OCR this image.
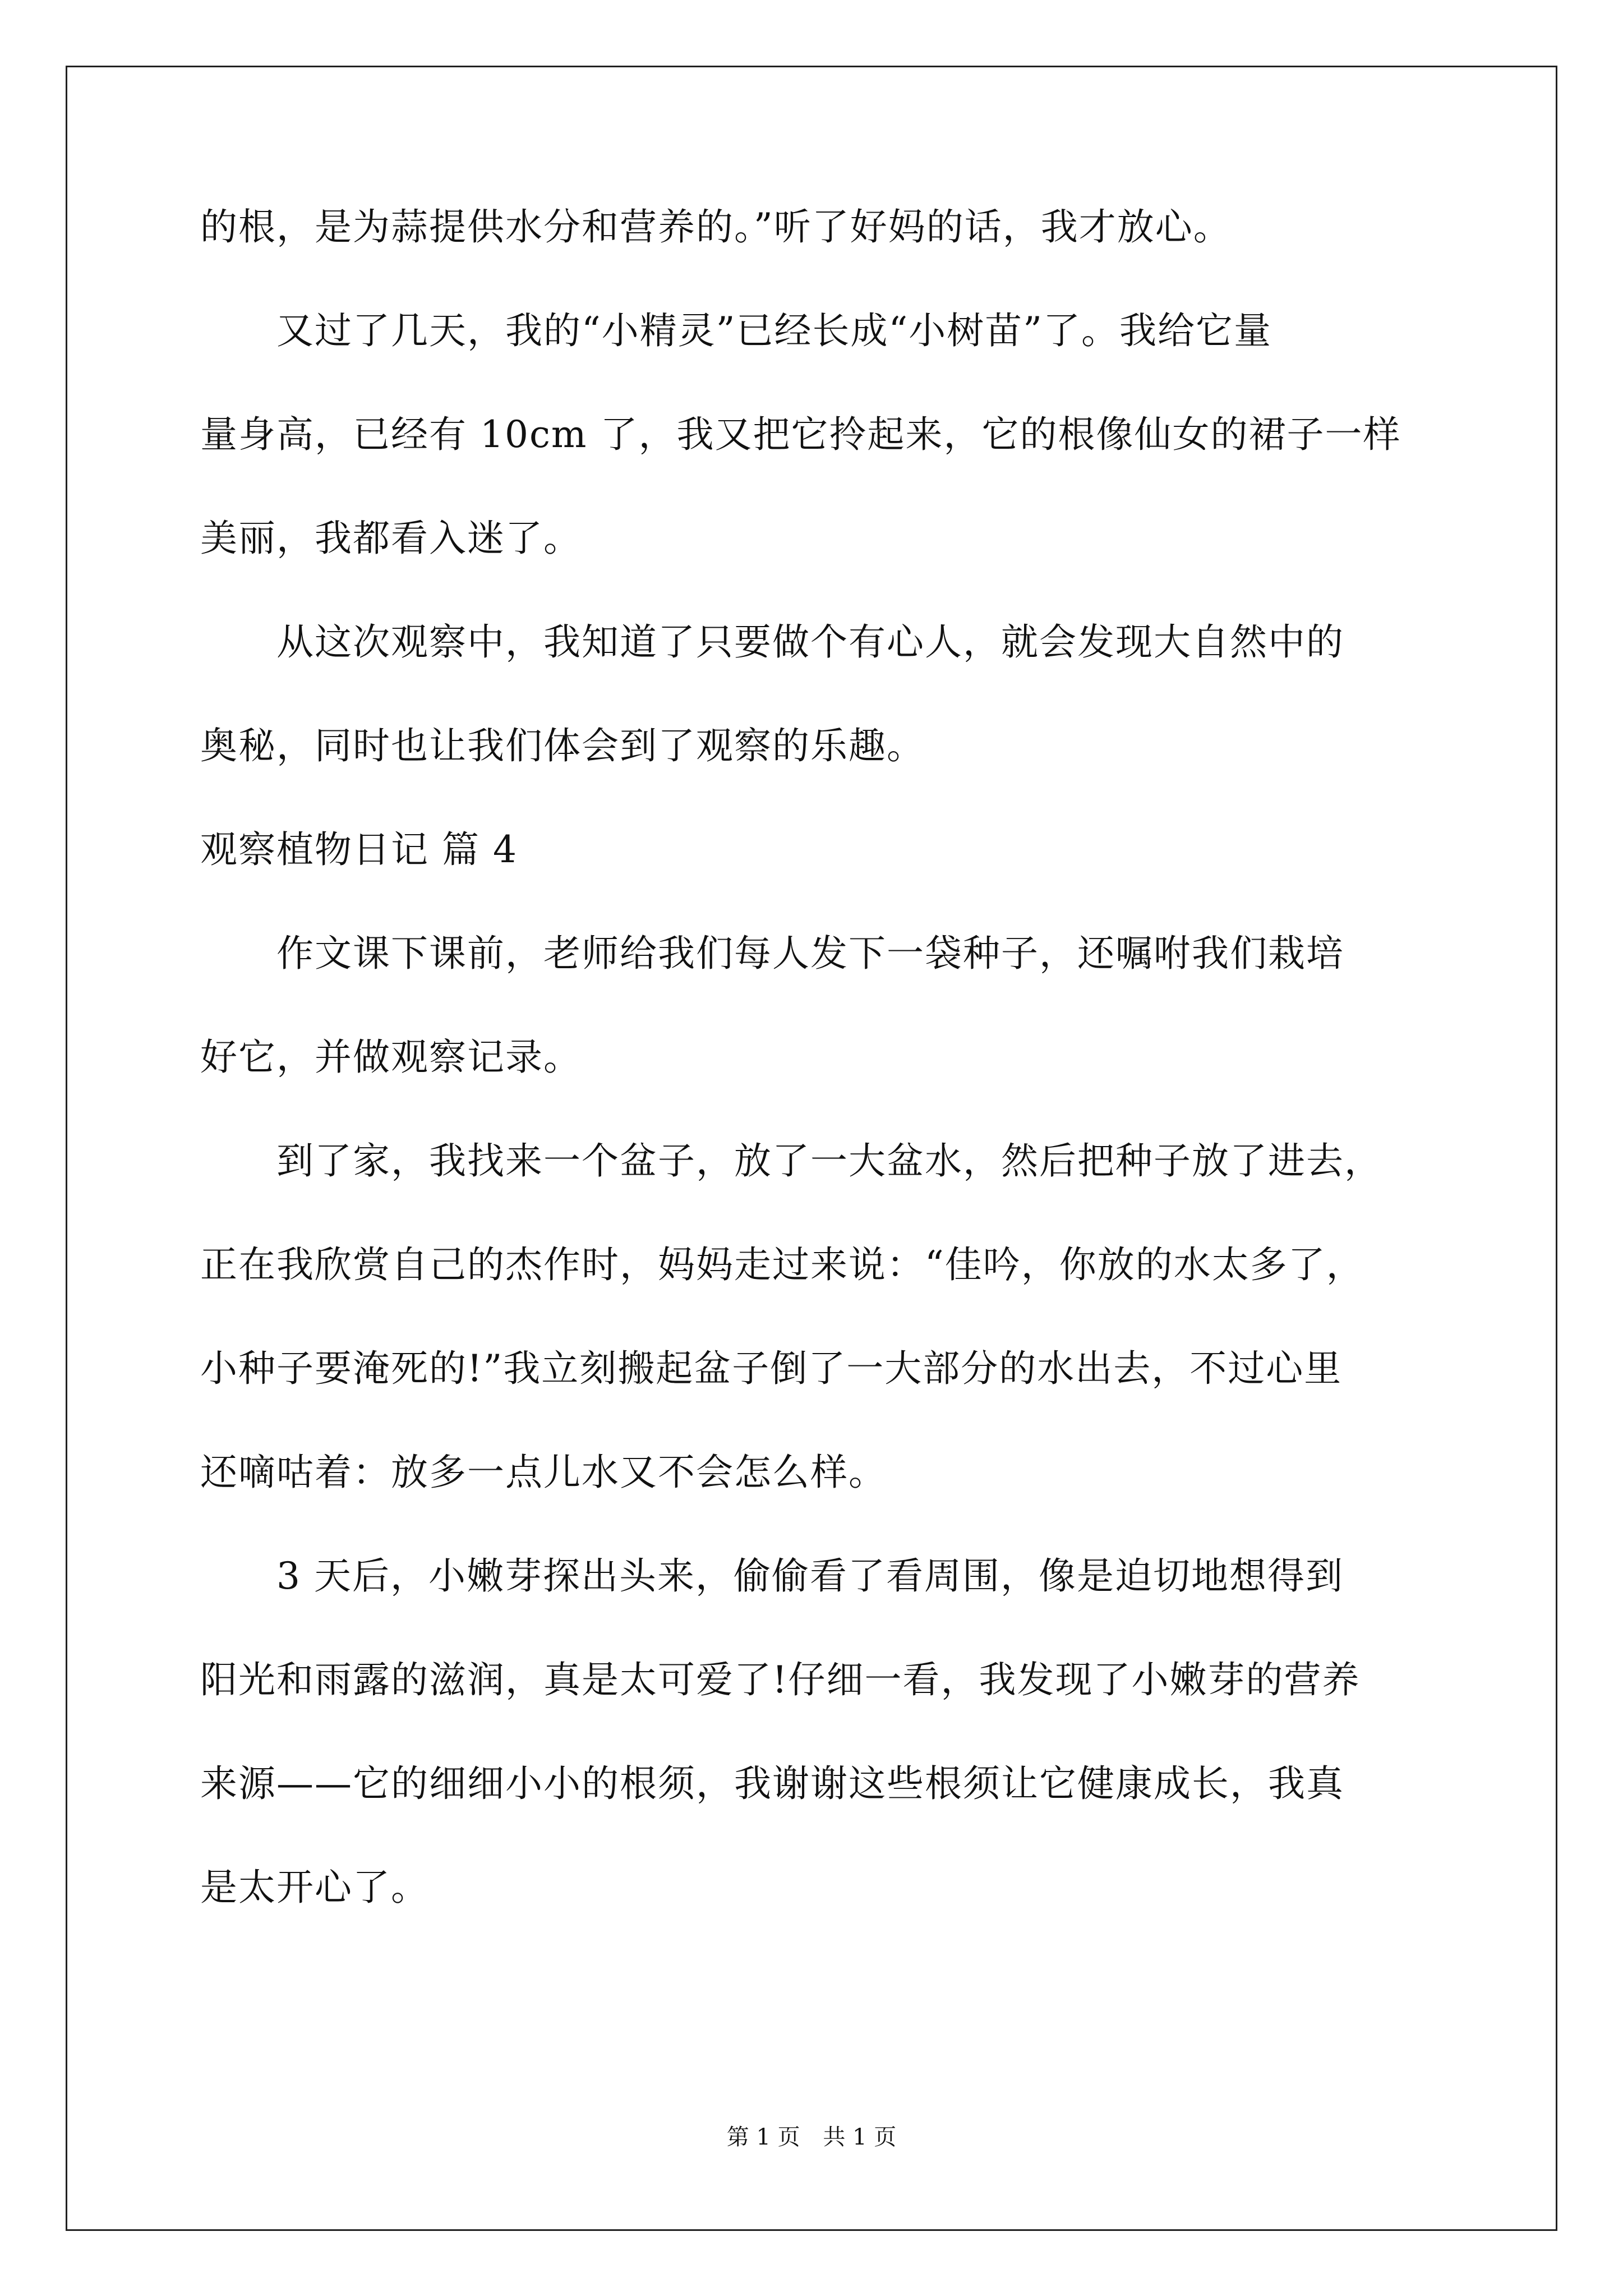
的根，是为蒜提供水分和营养的。”听了好妈的话，我才放心。
　　又过了几天，我的“小精灵”已经长成“小树苗”了。我给它量
量身高，已经有 10cm 了，我又把它拎起来，它的根像仙女的裙子一样
美丽，我都看入迷了。
　　从这次观察中，我知道了只要做个有心人，就会发现大自然中的
奥秘，同时也让我们体会到了观察的乐趣。
观察植物日记 篇 4
　　作文课下课前，老师给我们每人发下一袋种子，还嘱咐我们栽培
好它，并做观察记录。
　　到了家，我找来一个盆子，放了一大盆水，然后把种子放了进去，
正在我欣赏自己的杰作时，妈妈走过来说：“佳吟，你放的水太多了，
小种子要淹死的!”我立刻搬起盆子倒了一大部分的水出去，不过心里
还嘀咕着：放多一点儿水又不会怎么样。
　　3 天后，小嫩芽探出头来，偷偷看了看周围，像是迫切地想得到
阳光和雨露的滋润，真是太可爱了!仔细一看，我发现了小嫩芽的营养
来源——它的细细小小的根须，我谢谢这些根须让它健康成长，我真
是太开心了。
第 1 页 共 1 页
